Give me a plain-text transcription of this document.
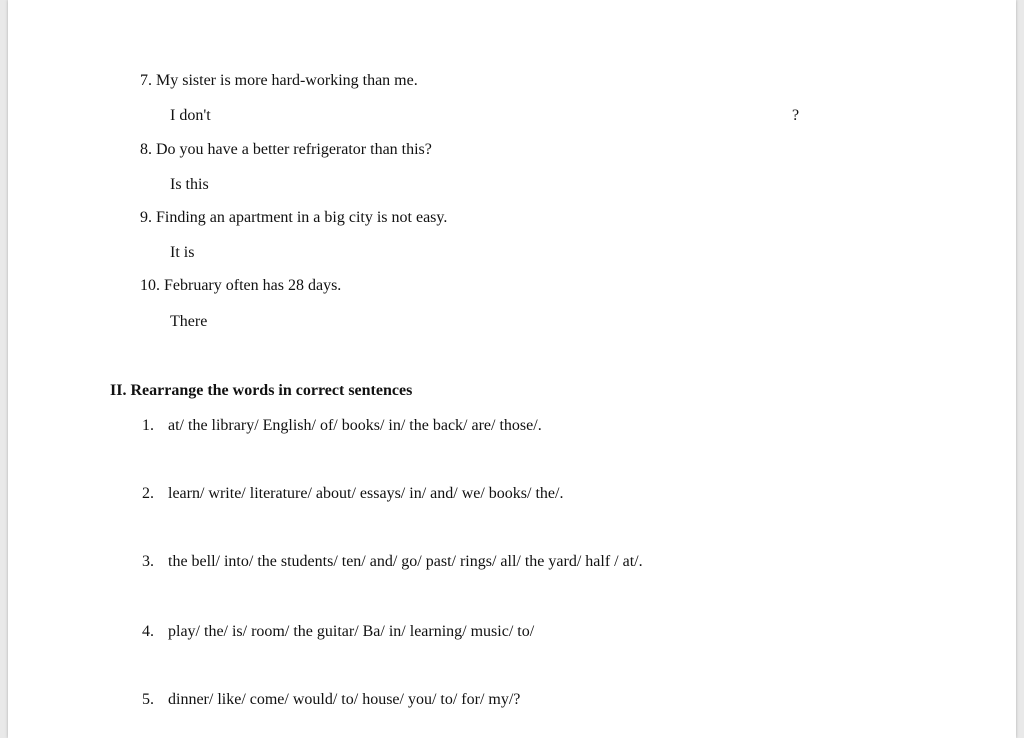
7. My sister is more hard-working than me.
I don't	?
8. Do you have a better refrigerator than this?
Is this
9. Finding an apartment in a big city is not easy.
It is
10. February often has 28 days.
There
II. Rearrange the words in correct sentences
1. at/ the library/ English/ of/ books/ in/ the back/ are/ those/.
2. learn/ write/ literature/ about/ essays/ in/ and/ we/ books/ the/.
3. the bell/ into/ the students/ ten/ and/ go/ past/ rings/ all/ the yard/ half / at/.
4. play/ the/ is/ room/ the guitar/ Ba/ in/ learning/ music/ to/
5. dinner/ like/ come/ would/ to/ house/ you/ to/ for/ my/?
